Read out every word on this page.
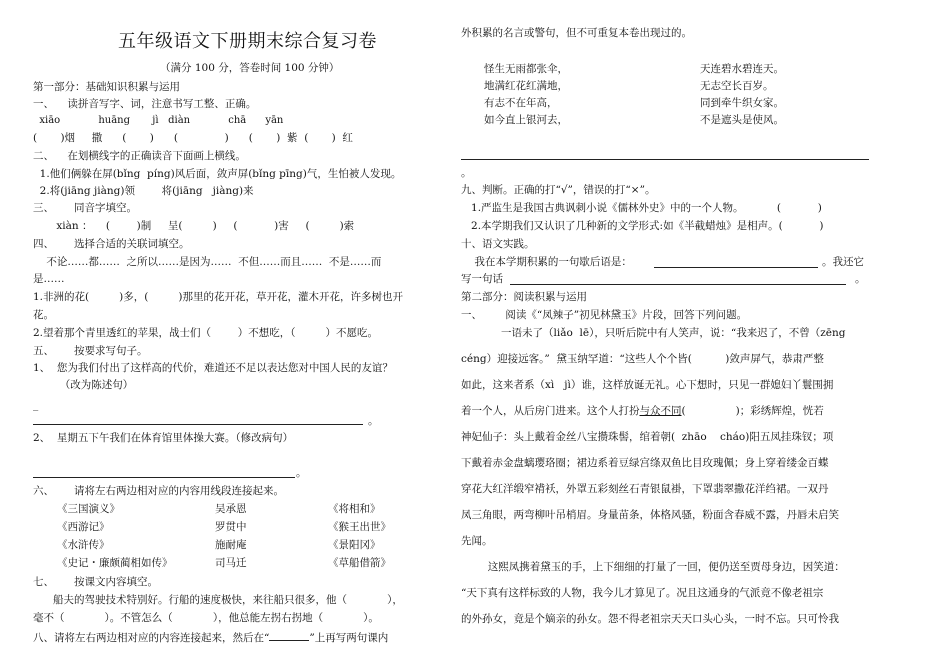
五年级语文下册期末综合复习卷
（满分 100 分，答卷时间 100 分钟）
第一部分：基础知识积累与运用
一、    读拼音写字、词，注意书写工整、正确。
xiāo            huāng       jì   diàn            chā      yān
(       )烟     撒      (       )      (              )      (       )  紫  (       )  红
二、    在划横线字的正确读音下面画上横线。
1.他们俩躲在屏(bǐng  píng)风后面，敛声屏(bǐng pīng)气，生怕被人发现。
2.将(jiāng jiàng)领        将(jiāng   jiàng)来
三、      同音字填空。
xiàn ：    (        )制     呈(         )     (           )害     (         )索
四、      选择合适的关联词填空。
不论……都……  之所以……是因为……  不但……而且……  不是……而
是……
1.非洲的花(         )多，(         )那里的花开花，草开花，灌木开花，许多树也开
花。
2.望着那个青里透红的苹果，战士们（        ）不想吃，（         ）不愿吃。
五、      按要求写句子。
1、  您为我们付出了这样高的代价，难道还不足以表达您对中国人民的友谊？
（改为陈述句）
_
。
2、  星期五下午我们在体育馆里体操大赛。（修改病句）
。
六、      请将左右两边相对应的内容用线段连接起来。
《三国演义》	吴承恩	《将相和》
《西游记》	罗贯中	《猴王出世》
《水浒传》	施耐庵	《景阳冈》
《史记・廉颇蔺相如传》	司马迁	《草船借箭》
七、      按课文内容填空。
船夫的驾驶技术特别好。行船的速度极快，来往船只很多，他（            ），
毫不（            ）。不管怎么（            ），他总能左拐右拐地（            ）。
八、请将左右两边相对应的内容连接起来，然后在“	”上再写两句课内
外积累的名言或警句，但不可重复本卷出现过的。
怪生无雨都张伞，	天连碧水碧连天。
地满红花红满地，	无志空长百岁。
有志不在年高，	同到牵牛织女家。
如今直上银河去，	不是遮头是使风。
。
九、判断。正确的打“√”，错误的打“×”。
1.严监生是我国古典讽刺小说《儒林外史》中的一个人物。          (           )
2.本学期我们又认识了几种新的文学形式:如《半截蜡烛》是相声。(           )
十、语文实践。
我在本学期积累的一句歇后语是：	。我还它
写一句话	。
第二部分：阅读积累与运用
一、       阅读《“凤辣子”初见林黛玉》片段，回答下列问题。
一语未了（liǎo  lē），只听后院中有人笑声，说：“我来迟了，不曾（zēng
céng）迎接远客。”  黛玉纳罕道：“这些人个个皆(          )敛声屏气，恭肃严整
如此，这来者系（xì   jì）谁，这样放诞无礼。心下想时，只见一群媳妇丫鬟围拥
着一个人，从后房门进来。这个人打扮与众不同(               )；彩绣辉煌，恍若
神妃仙子：头上戴着金丝八宝攒珠髻，绾着朝(  zhāo    cháo)阳五凤挂珠钗；项
下戴着赤金盘螭璎珞圈；裙边系着豆绿宫绦双鱼比目玫瑰佩；身上穿着缕金百蝶
穿花大红洋缎窄褙袄，外罩五彩刻丝石青银鼠褂，下罩翡翠撒花洋绉裙。一双丹
凤三角眼，两弯柳叶吊梢眉。身量苗条，体格风骚，粉面含春威不露，丹唇未启笑
先闻。
这熙凤携着黛玉的手，上下细细的打量了一回，便仍送至贾母身边，因笑道：
“天下真有这样标致的人物，我今儿才算见了。况且这通身的气派竟不像老祖宗
的外孙女，竟是个嫡亲的孙女。怨不得老祖宗天天口头心头，一时不忘。只可怜我
